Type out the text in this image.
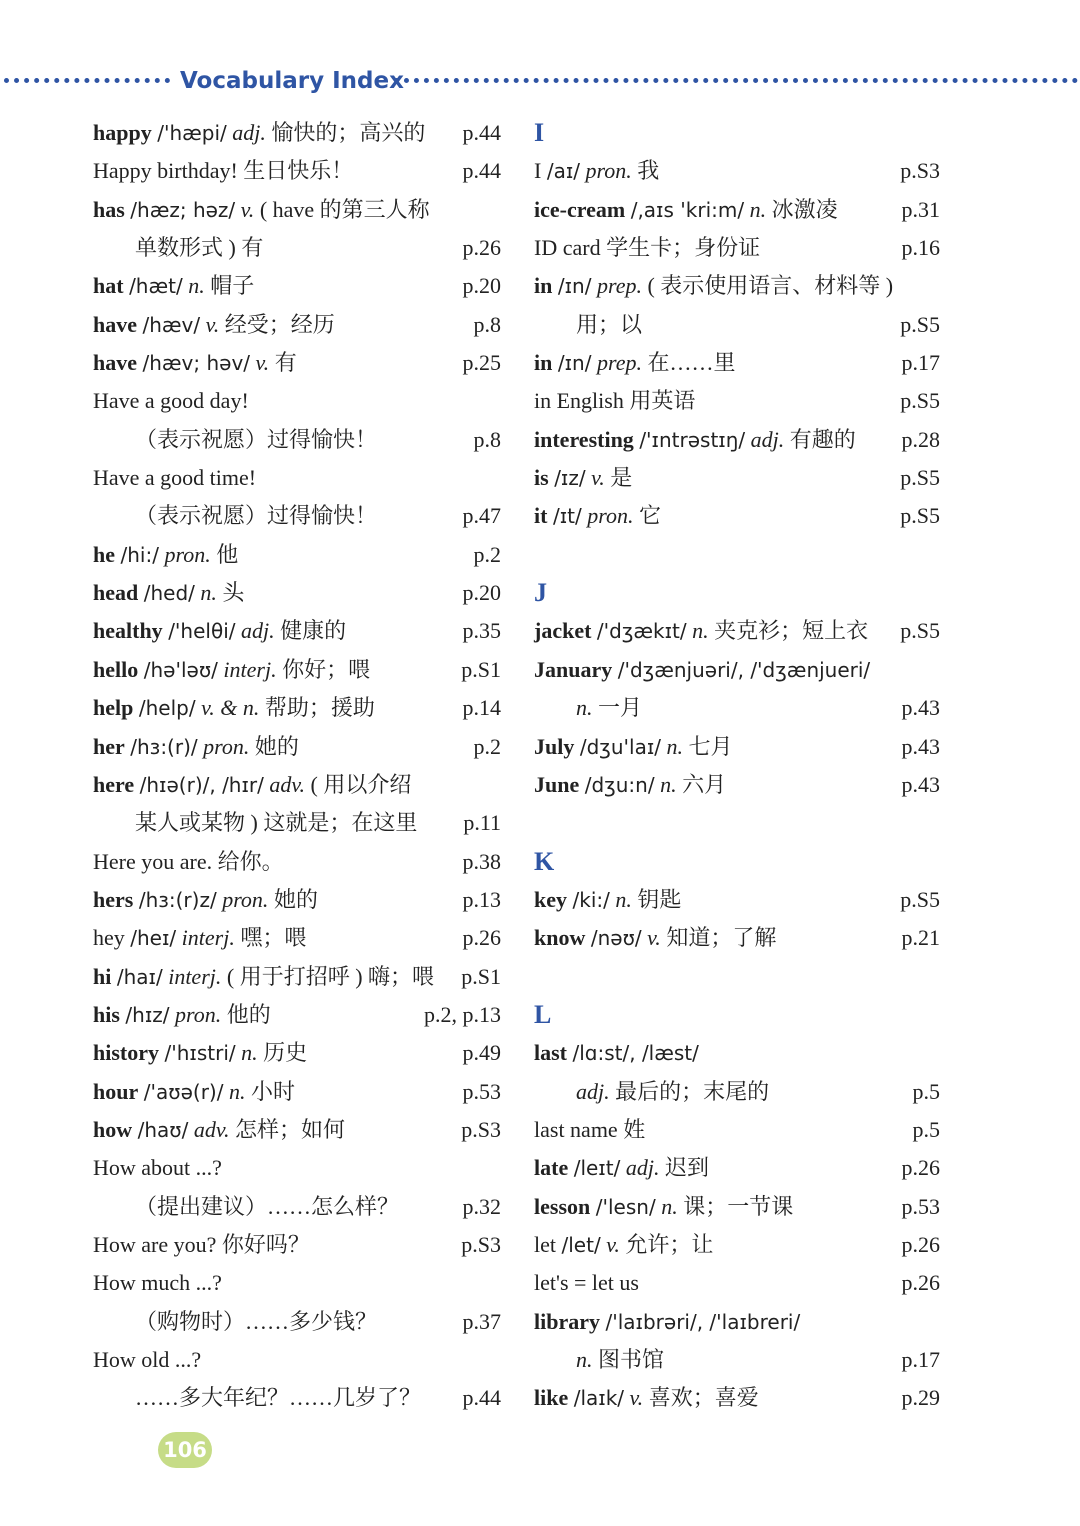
Vocabulary Index
happy /'hæpi/ adj. 愉快的；高兴的 p.44
Happy birthday! 生日快乐！	p.44
has /hæz; həz/ v. ( have 的第三人称
单数形式 ) 有	p.26
hat /hæt/ n. 帽子	p.20
have /hæv/ v. 经受；经历	p.8
have /hæv; həv/ v. 有	p.25
Have a good day!
（表示祝愿）过得愉快！	p.8
Have a good time!
（表示祝愿）过得愉快！	p.47
he /hi:/ pron. 他	p.2
head /hed/ n. 头	p.20
healthy /'helθi/ adj. 健康的	p.35
hello /hə'ləʊ/ interj. 你好；喂	p.S1
help /help/ v. & n. 帮助；援助	p.14
her /hɜ:(r)/ pron. 她的	p.2
here /hɪə(r)/, /hɪr/ adv. ( 用以介绍
某人或某物 ) 这就是；在这里 p.11
Here you are. 给你。	p.38
hers /hɜ:(r)z/ pron. 她的	p.13
hey /heɪ/ interj. 嘿；喂	p.26
hi /haɪ/ interj. ( 用于打招呼 ) 嗨；喂 p.S1
his /hɪz/ pron. 他的	p.2, p.13
history /'hɪstri/ n. 历史	p.49
hour /'aʊə(r)/ n. 小时	p.53
how /haʊ/ adv. 怎样；如何	p.S3
How about ...?
（提出建议）……怎么样？	p.32
How are you? 你好吗？	p.S3
How much ...?
（购物时）……多少钱？	p.37
How old ...?
……多大年纪？……几岁了？ p.44
I
I /aɪ/ pron. 我	p.S3
ice-cream /,aɪs 'kri:m/ n. 冰激凌	p.31
ID card 学生卡；身份证	p.16
in /ɪn/ prep. ( 表示使用语言、材料等 )
用；以	p.S5
in /ɪn/ prep. 在……里	p.17
in English 用英语	p.S5
interesting /'ɪntrəstɪŋ/ adj. 有趣的 p.28
is /ɪz/ v. 是	p.S5
it /ɪt/ pron. 它	p.S5
J
jacket /'dʒækɪt/ n. 夹克衫；短上衣 p.S5
January /'dʒænjuəri/, /'dʒænjueri/
n. 一月	p.43
July /dʒu'laɪ/ n. 七月	p.43
June /dʒu:n/ n. 六月	p.43
K
key /ki:/ n. 钥匙	p.S5
know /nəʊ/ v. 知道；了解	p.21
L
last /lɑ:st/, /læst/
adj. 最后的；末尾的	p.5
last name 姓	p.5
late /leɪt/ adj. 迟到	p.26
lesson /'lesn/ n. 课；一节课	p.53
let /let/ v. 允许；让	p.26
let's = let us	p.26
library /'laɪbrəri/, /'laɪbreri/
n. 图书馆	p.17
like /laɪk/ v. 喜欢；喜爱	p.29
106
